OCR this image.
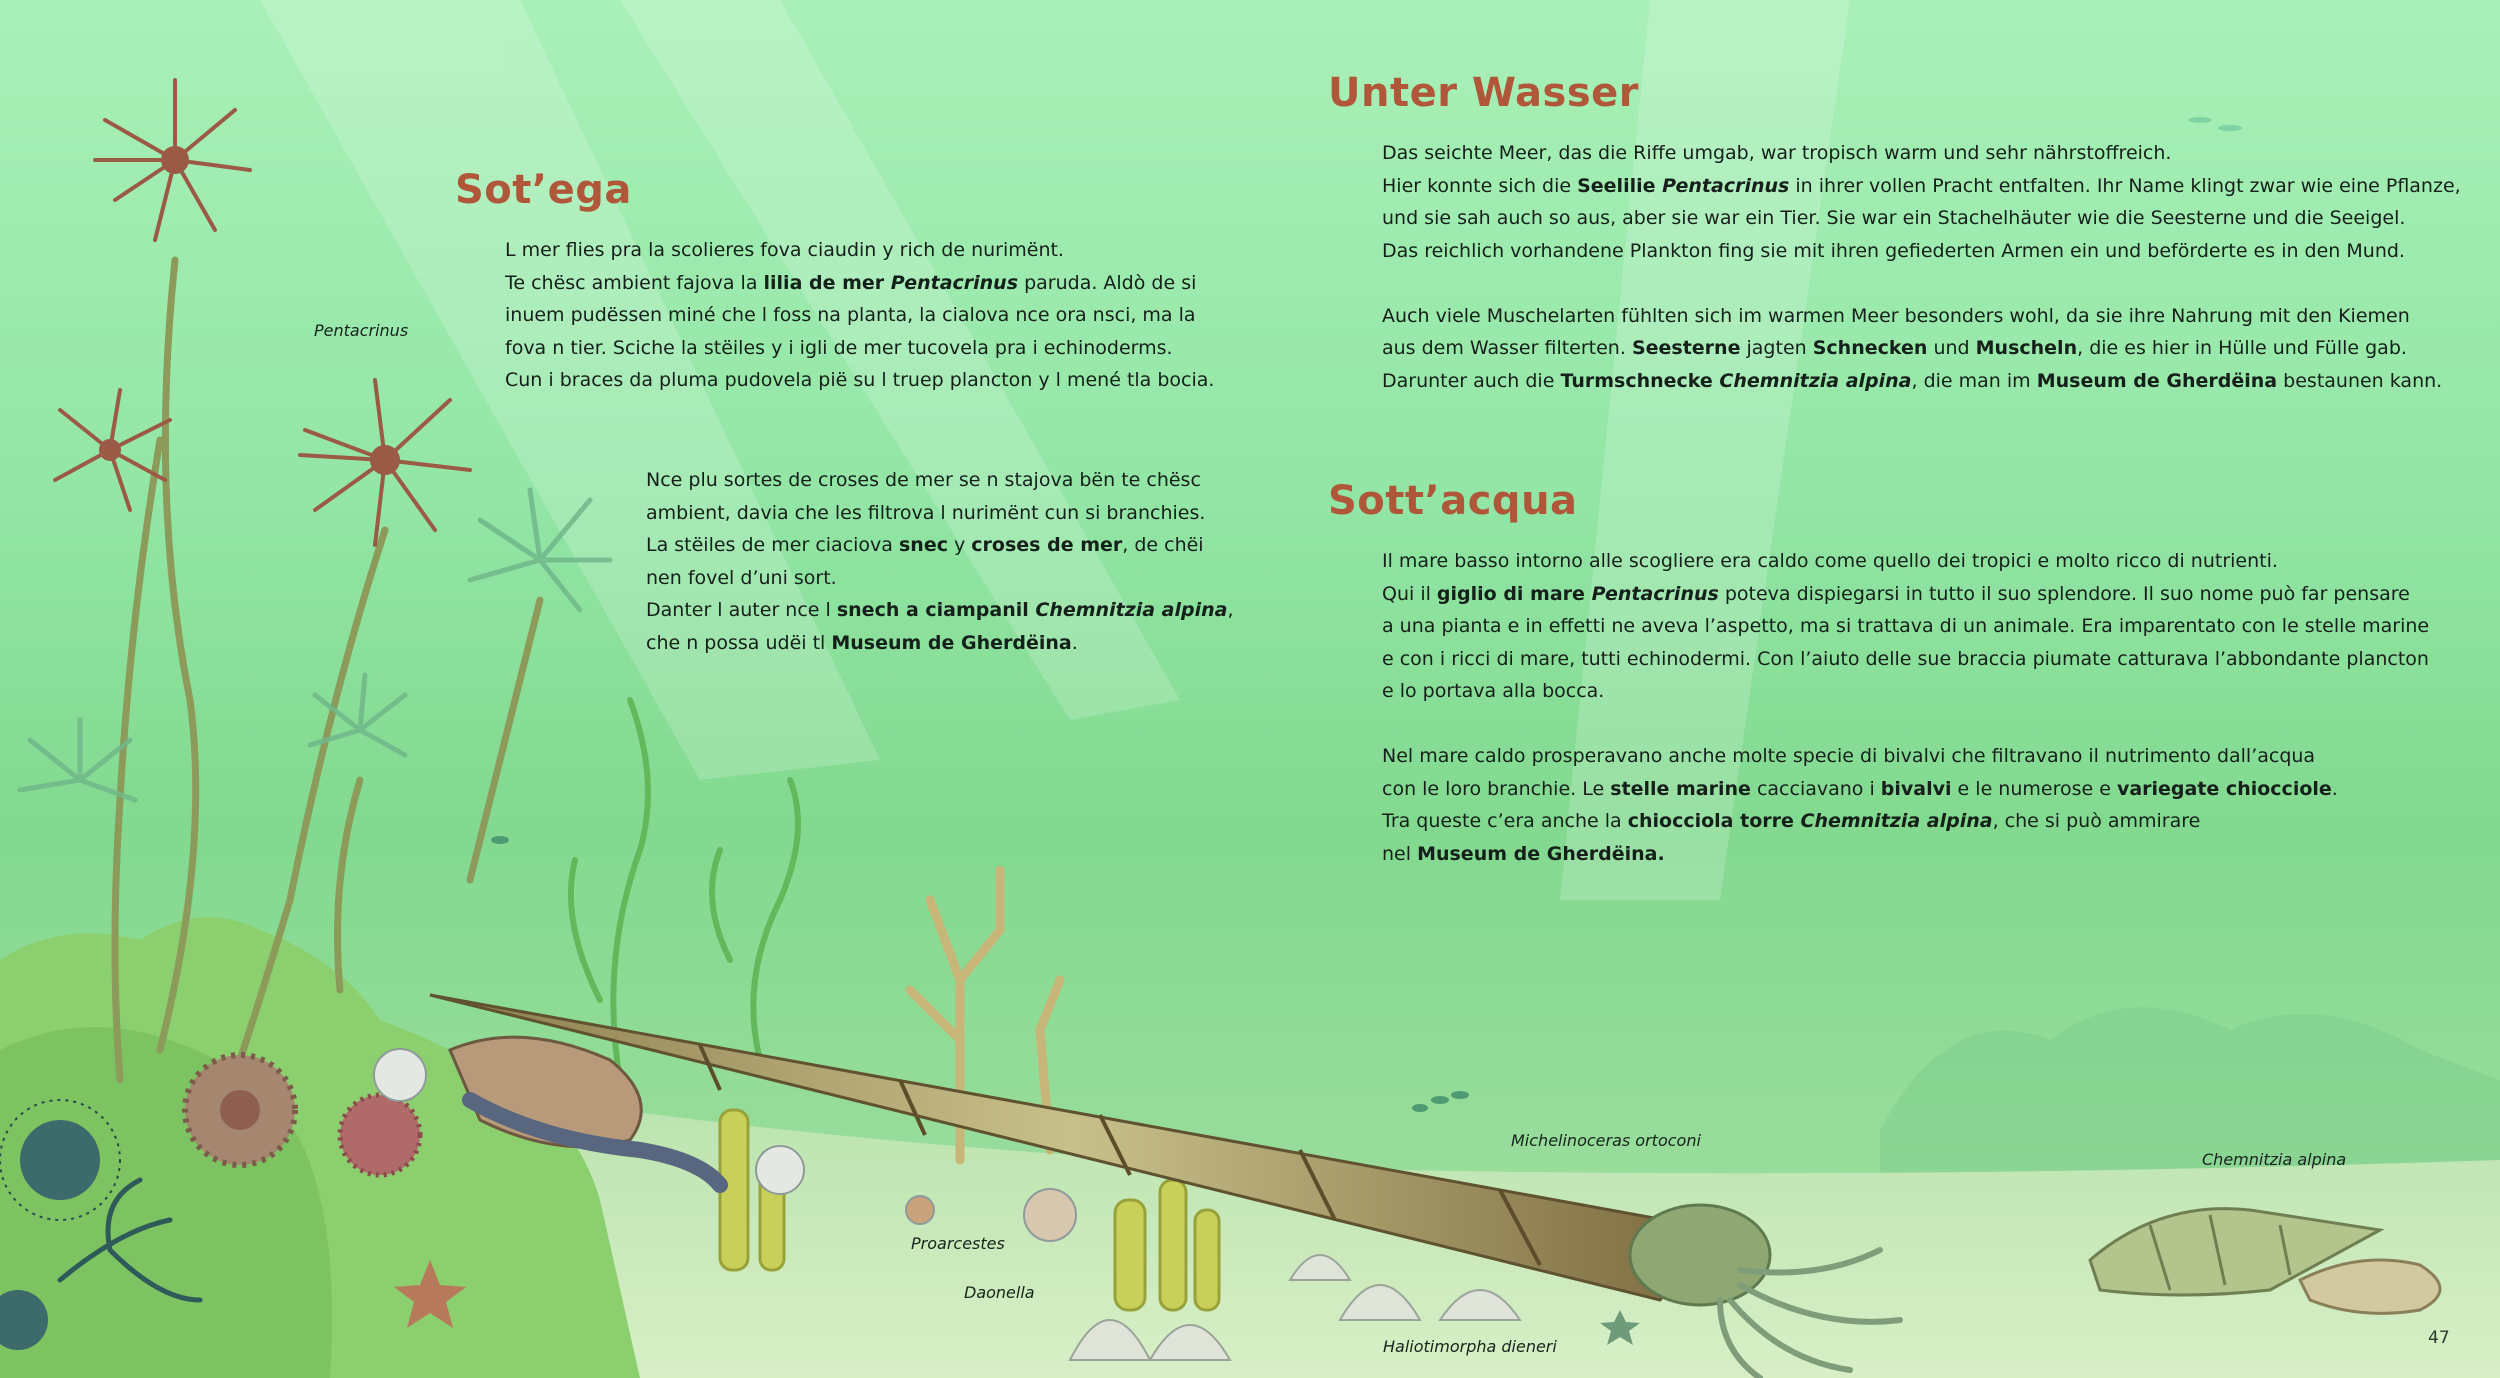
Sot’ega

L mer flies pra la scolieres fova ciaudin y rich de nurimënt.
Te chësc ambient fajova la lilia de mer Pentacrinus paruda. Aldò de si
inuem pudëssen miné che l foss na planta, la cialova nce ora nsci, ma la
fova n tier. Sciche la stëiles y i igli de mer tucovela pra i echinoderms.
Cun i braces da pluma pudovela pië su l truep plancton y l mené tla bocia.

Nce plu sortes de croses de mer se n stajova bën te chësc
ambient, davia che les filtrova l nurimënt cun si branchies.
La stëiles de mer ciaciova snec y croses de mer, de chëi
nen fovel d’uni sort.
Danter l auter nce l snech a ciampanil Chemnitzia alpina,
che n possa udëi tl Museum de Gherdëina.

Unter Wasser

Das seichte Meer, das die Riffe umgab, war tropisch warm und sehr nährstoffreich.
Hier konnte sich die Seelilie Pentacrinus in ihrer vollen Pracht entfalten. Ihr Name klingt zwar wie eine Pflanze,
und sie sah auch so aus, aber sie war ein Tier. Sie war ein Stachelhäuter wie die Seesterne und die Seeigel.
Das reichlich vorhandene Plankton fing sie mit ihren gefiederten Armen ein und beförderte es in den Mund.

Auch viele Muschelarten fühlten sich im warmen Meer besonders wohl, da sie ihre Nahrung mit den Kiemen
aus dem Wasser filterten. Seesterne jagten Schnecken und Muscheln, die es hier in Hülle und Fülle gab.
Darunter auch die Turmschnecke Chemnitzia alpina, die man im Museum de Gherdëina bestaunen kann.

Sott’acqua

Il mare basso intorno alle scogliere era caldo come quello dei tropici e molto ricco di nutrienti.
Qui il giglio di mare Pentacrinus poteva dispiegarsi in tutto il suo splendore. Il suo nome può far pensare
a una pianta e in effetti ne aveva l’aspetto, ma si trattava di un animale. Era imparentato con le stelle marine
e con i ricci di mare, tutti echinodermi. Con l’aiuto delle sue braccia piumate catturava l’abbondante plancton
e lo portava alla bocca.

Nel mare caldo prosperavano anche molte specie di bivalvi che filtravano il nutrimento dall’acqua
con le loro branchie. Le stelle marine cacciavano i bivalvi e le numerose e variegate chiocciole.
Tra queste c’era anche la chiocciola torre Chemnitzia alpina, che si può ammirare
nel Museum de Gherdëina.

Pentacrinus
Michelinoceras ortoconi
Chemnitzia alpina
Proarcestes
Daonella
Haliotimorpha dieneri	47
